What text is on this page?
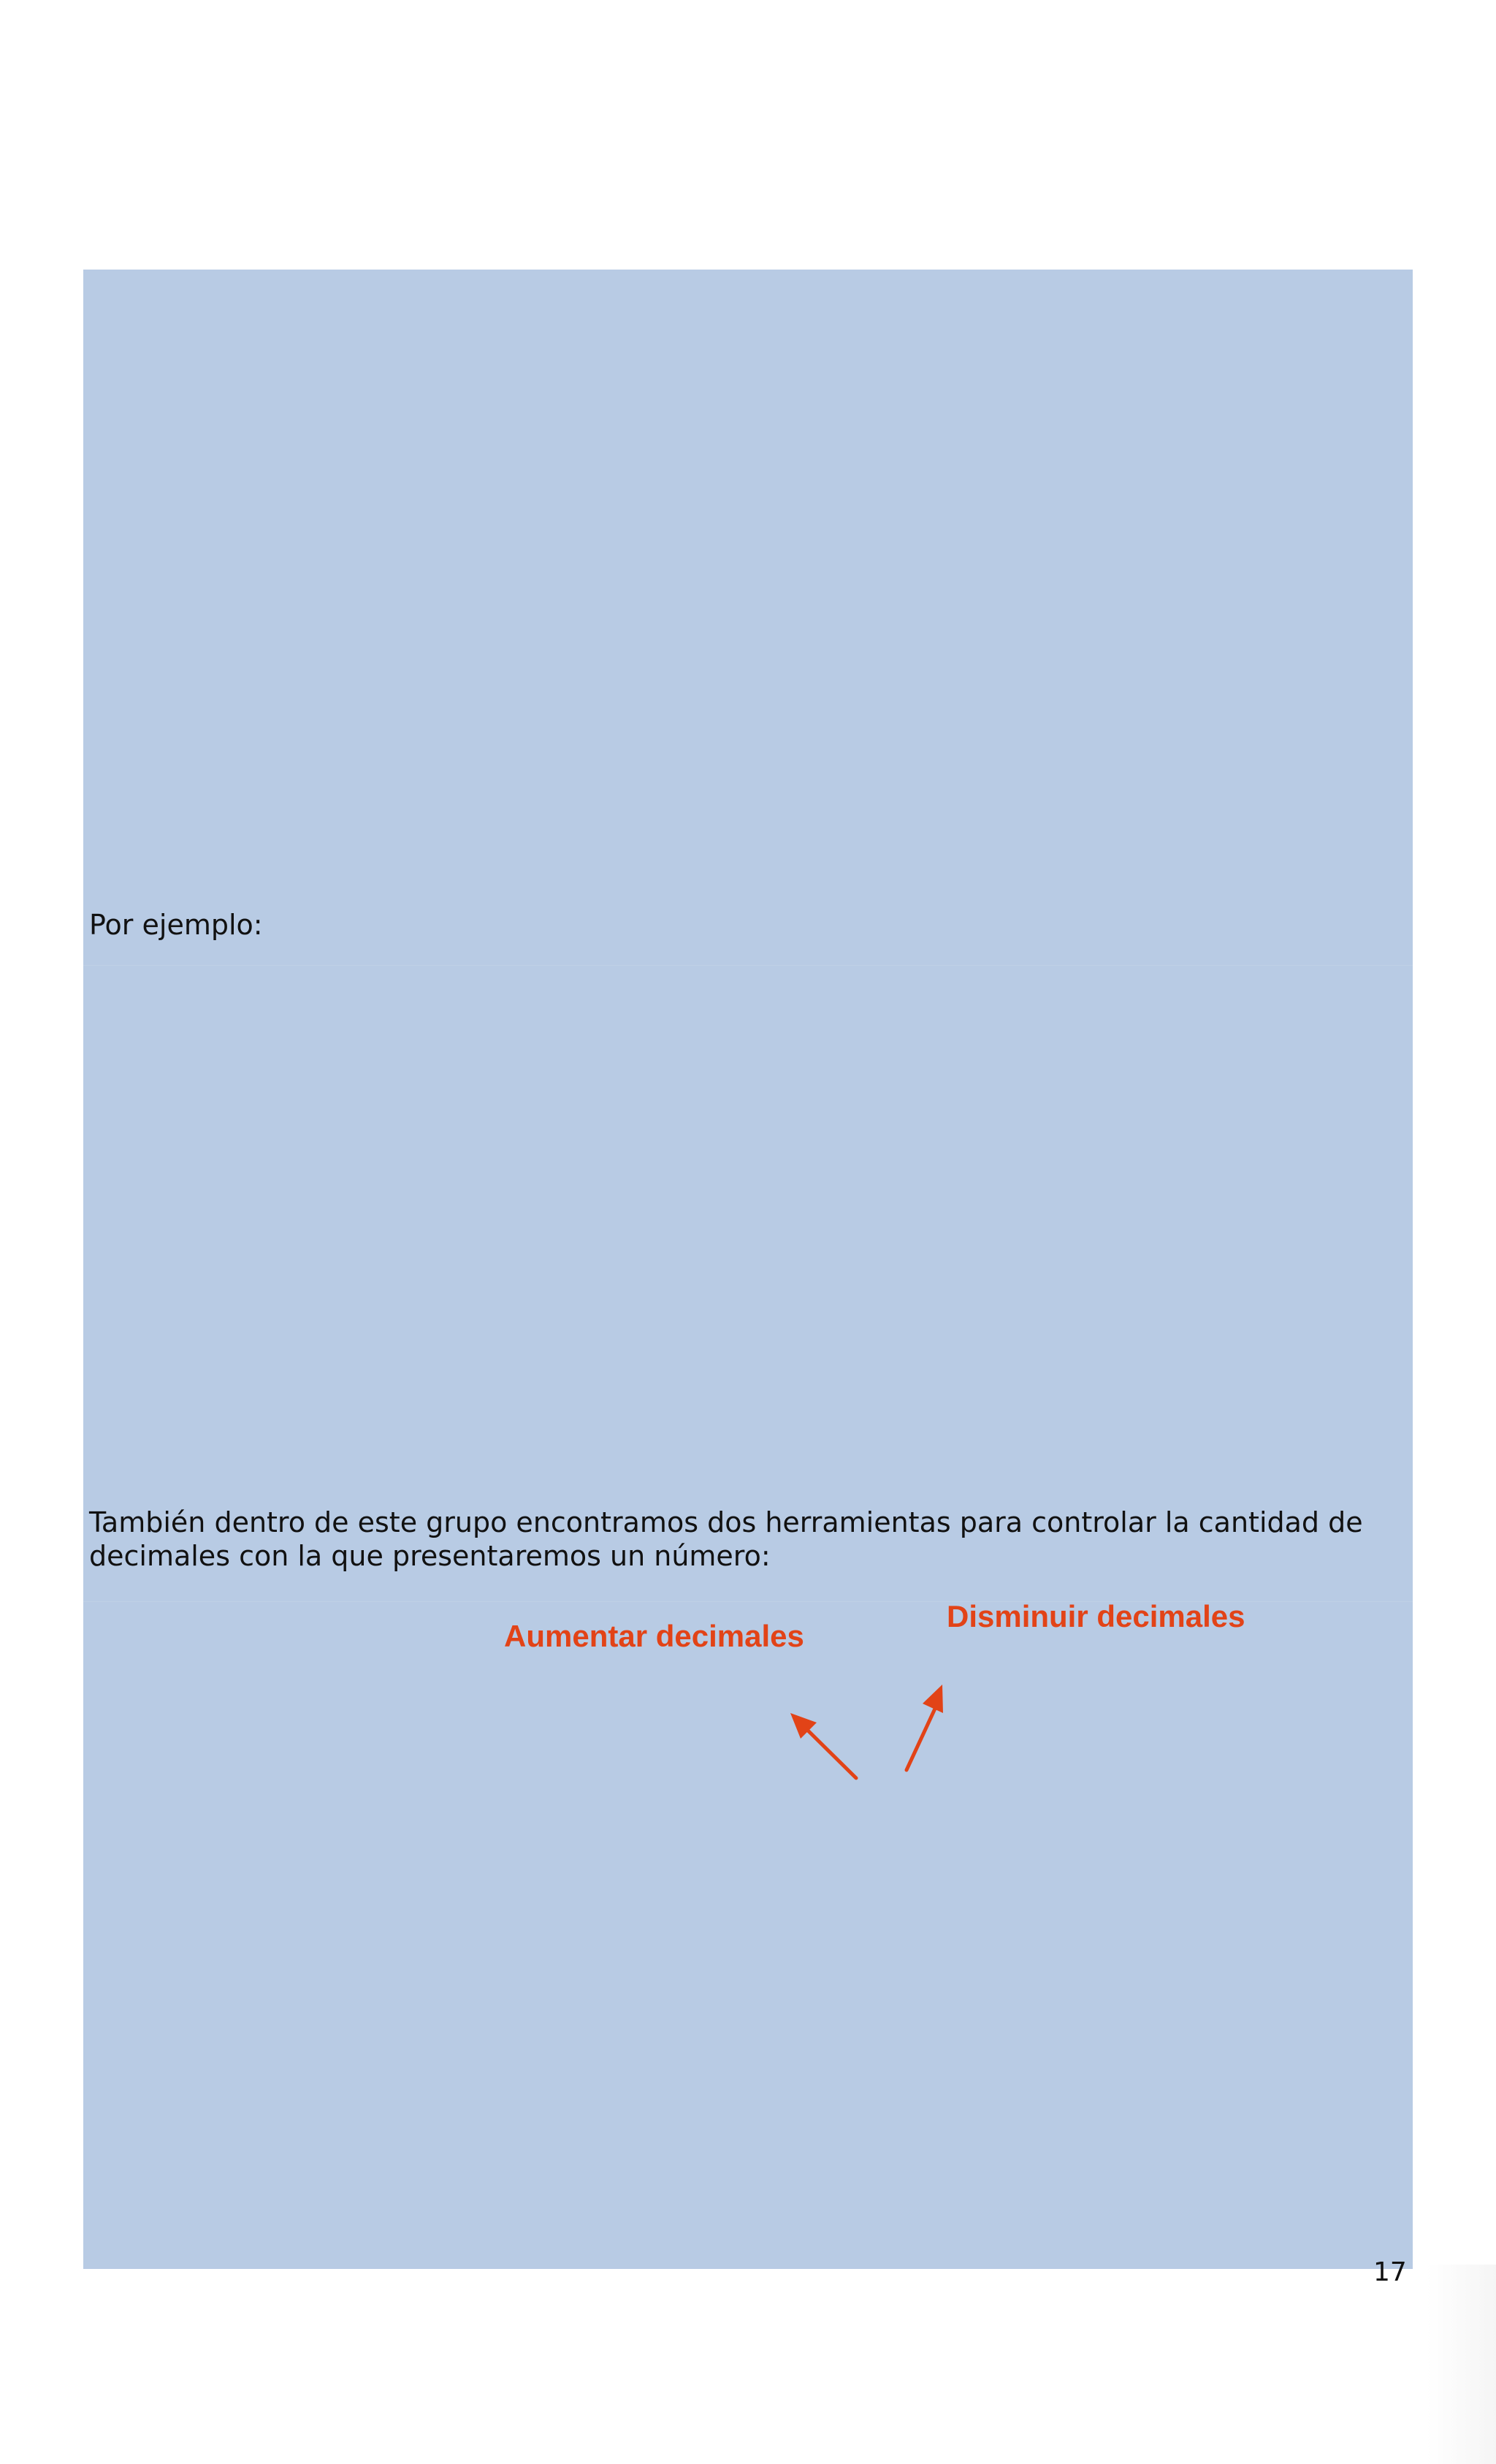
Por ejemplo:

También dentro de este grupo encontramos dos herramientas para controlar la cantidad de
decimales con la que presentaremos un número:

Aumentar decimales
Disminuir decimales
17
